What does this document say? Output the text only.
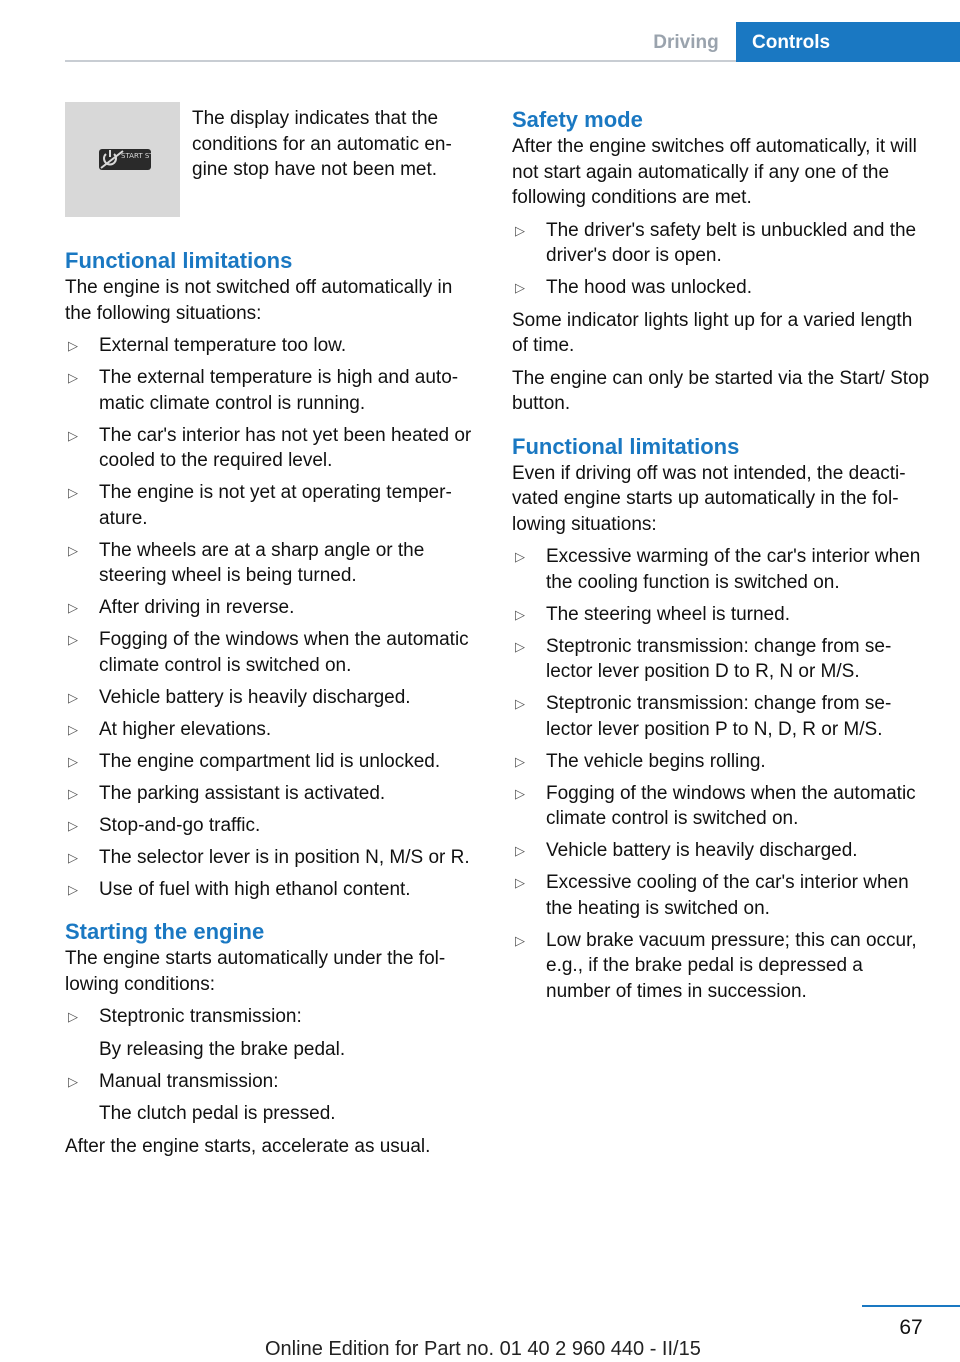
Driving	Controls
START STOP

The display indicates that the conditions for an automatic engine stop have not been met.

Functional limitations

The engine is not switched off automatically in the following situations:

▷ External temperature too low.
▷ The external temperature is high and automatic climate control is running.
▷ The car's interior has not yet been heated or cooled to the required level.
▷ The engine is not yet at operating temperature.
▷ The wheels are at a sharp angle or the steering wheel is being turned.
▷ After driving in reverse.
▷ Fogging of the windows when the automatic climate control is switched on.
▷ Vehicle battery is heavily discharged.
▷ At higher elevations.
▷ The engine compartment lid is unlocked.
▷ The parking assistant is activated.
▷ Stop-and-go traffic.
▷ The selector lever is in position N, M/S or R.
▷ Use of fuel with high ethanol content.
Starting the engine

The engine starts automatically under the following conditions:

▷ Steptronic transmission:
By releasing the brake pedal.
▷ Manual transmission:
The clutch pedal is pressed.

After the engine starts, accelerate as usual.

Safety mode

After the engine switches off automatically, it will not start again automatically if any one of the following conditions are met.

▷ The driver's safety belt is unbuckled and the driver's door is open.
▷ The hood was unlocked.

Some indicator lights light up for a varied length of time.

The engine can only be started via the Start/ Stop button.

Functional limitations

Even if driving off was not intended, the deactivated engine starts up automatically in the following situations:

▷ Excessive warming of the car's interior when the cooling function is switched on.
▷ The steering wheel is turned.
▷ Steptronic transmission: change from selector lever position D to R, N or M/S.
▷ Steptronic transmission: change from selector lever position P to N, D, R or M/S.
▷ The vehicle begins rolling.
▷ Fogging of the windows when the automatic climate control is switched on.
▷ Vehicle battery is heavily discharged.
▷ Excessive cooling of the car's interior when the heating is switched on.
▷ Low brake vacuum pressure; this can occur, e.g., if the brake pedal is depressed a number of times in succession.
67
Online Edition for Part no. 01 40 2 960 440 - II/15
